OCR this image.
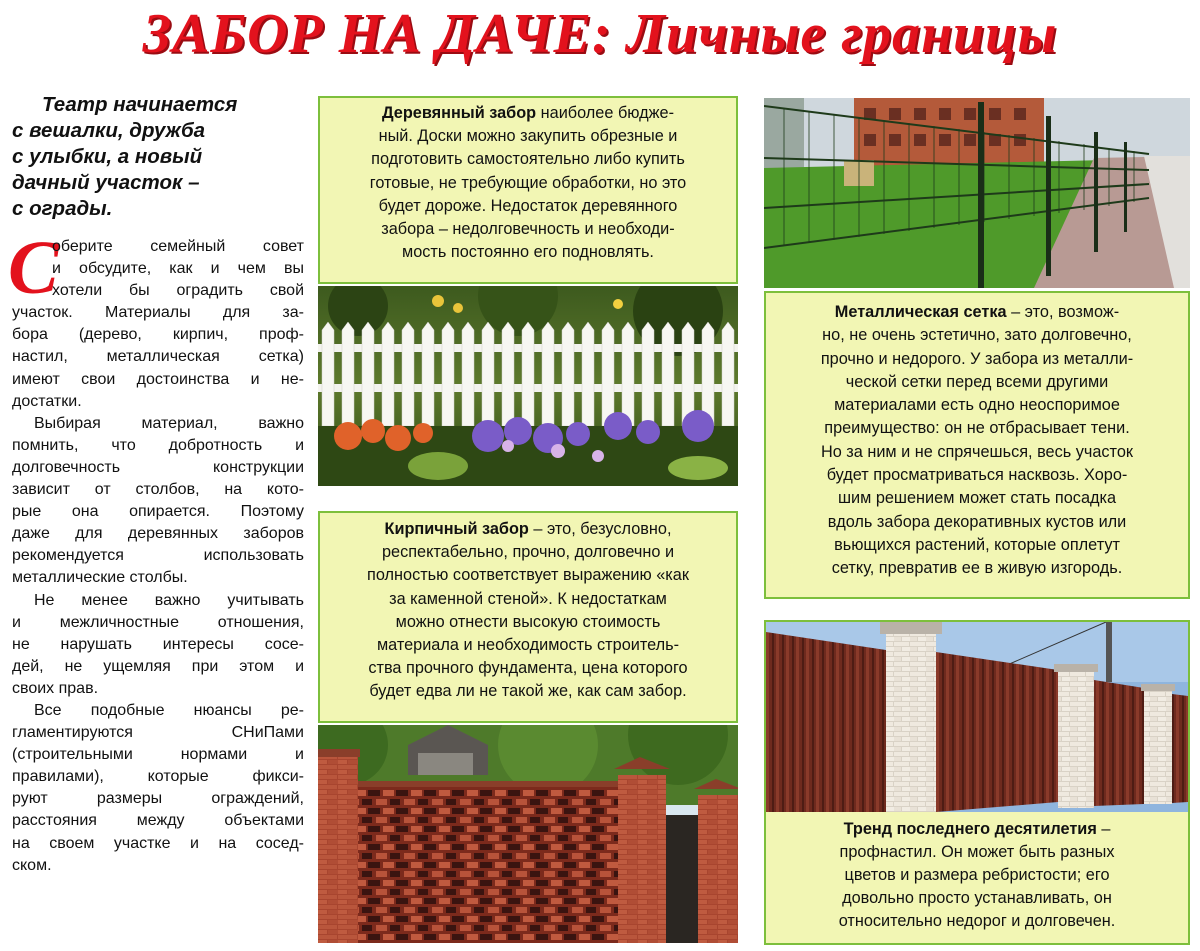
ЗАБОР НА ДАЧЕ: Личные границы
Театр начинается
с вешалки, дружба
с улыбки, а новый
дачный участок –
с ограды.

С
оберите семейный совет
и обсудите, как и чем вы
хотели бы оградить свой
участок. Материалы для за-
бора (дерево, кирпич, проф-
настил, металлическая сетка)
имеют свои достоинства и не-
достатки.

Выбирая материал, важно
помнить, что добротность и
долговечность конструкции
зависит от столбов, на кото-
рые она опирается. Поэтому
даже для деревянных заборов
рекомендуется использовать
металлические столбы.

Не менее важно учитывать
и межличностные отношения,
не нарушать интересы сосе-
дей, не ущемляя при этом и
своих прав.

Все подобные нюансы ре-
гламентируются СНиПами
(строительными нормами и
правилами), которые фикси-
руют размеры ограждений,
расстояния между объектами
на своем участке и на сосед-
ском.

Деревянный забор наиболее бюдже-
ный. Доски можно закупить обрезные и
подготовить самостоятельно либо купить
готовые, не требующие обработки, но это
будет дороже. Недостаток деревянного
забора – недолговечность и необходи-
мость постоянно его подновлять.
Кирпичный забор – это, безусловно,
респектабельно, прочно, долговечно и
полностью соответствует выражению «как
за каменной стеной». К недостаткам
можно отнести высокую стоимость
материала и необходимость строитель-
ства прочного фундамента, цена которого
будет едва ли не такой же, как сам забор.
Металлическая сетка – это, возмож-
но, не очень эстетично, зато долговечно,
прочно и недорого. У забора из металли-
ческой сетки перед всеми другими
материалами есть одно неоспоримое
преимущество: он не отбрасывает тени.
Но за ним и не спрячешься, весь участок
будет просматриваться насквозь. Хоро-
шим решением может стать посадка
вдоль забора декоративных кустов или
вьющихся растений, которые оплетут
сетку, превратив ее в живую изгородь.
Тренд последнего десятилетия –
профнастил. Он может быть разных
цветов и размера ребристости; его
довольно просто устанавливать, он
относительно недорог и долговечен.
